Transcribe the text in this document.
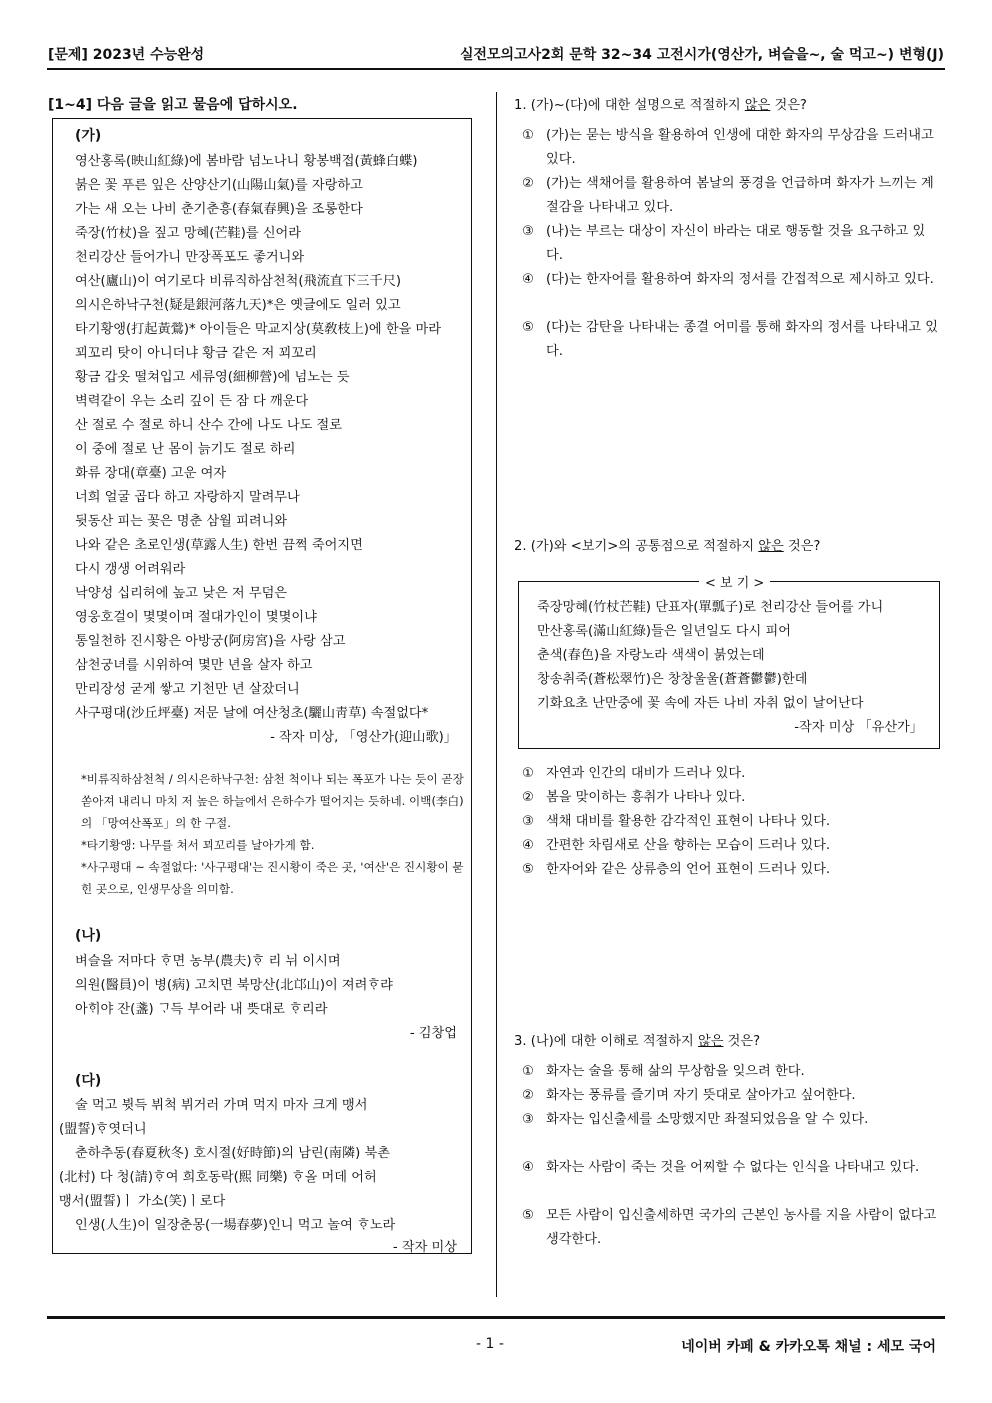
[문제] 2023년 수능완성	실전모의고사2회 문학 32~34 고전시가(영산가, 벼슬을~, 술 먹고~) 변형(J)
[1~4] 다음 글을 읽고 물음에 답하시오.
(가)
영산홍록(映山紅綠)에 봄바람 넘노나니 황봉백접(黃蜂白蝶)
붉은 꽃 푸른 잎은 산양산기(山陽山氣)를 자랑하고
가는 새 오는 나비 춘기춘흥(春氣春興)을 조롱한다
죽장(竹杖)을 짚고 망혜(芒鞋)를 신어라
천리강산 들어가니 만장폭포도 좋거니와
여산(廬山)이 여기로다 비류직하삼천척(飛流直下三千尺)
의시은하낙구천(疑是銀河落九天)*은 옛글에도 일러 있고
타기황앵(打起黃鶯)* 아이들은 막교지상(莫敎枝上)에 한을 마라
꾀꼬리 탓이 아니더냐 황금 같은 저 꾀꼬리
황금 갑옷 떨쳐입고 세류영(細柳營)에 넘노는 듯
벽력같이 우는 소리 깊이 든 잠 다 깨운다
산 절로 수 절로 하니 산수 간에 나도 나도 절로
이 중에 절로 난 몸이 늙기도 절로 하리
화류 장대(章臺) 고운 여자
너희 얼굴 곱다 하고 자랑하지 말려무나
뒷동산 피는 꽃은 명춘 삼월 피려니와
나와 같은 초로인생(草露人生) 한번 끔쩍 죽어지면
다시 갱생 어려워라
낙양성 십리허에 높고 낮은 저 무덤은
영웅호걸이 몇몇이며 절대가인이 몇몇이냐
통일천하 진시황은 아방궁(阿房宮)을 사랑 삼고
삼천궁녀를 시위하여 몇만 년을 살자 하고
만리장성 굳게 쌓고 기천만 년 살잤더니
사구평대(沙丘坪臺) 저문 날에 여산청초(驪山靑草) 속절없다*
- 작자 미상, 「영산가(迎山歌)」
*비류직하삼천척 / 의시은하낙구천: 삼천 척이나 되는 폭포가 나는 듯이 곧장 쏟아져 내리니 마치 저 높은 하늘에서 은하수가 떨어지는 듯하네. 이백(李白)의 「망여산폭포」의 한 구절.
*타기황앵: 나무를 쳐서 꾀꼬리를 날아가게 함.
*사구평대 ~ 속절없다: '사구평대'는 진시황이 죽은 곳, '여산'은 진시황이 묻힌 곳으로, 인생무상을 의미함.
(나)
벼슬을 저마다 ᄒᆞ면 농부(農夫)ᄒᆞ 리 뉘 이시며
의원(醫員)이 병(病) 고치면 북망산(北邙山)이 져려ᄒᆞ랴
아ᄒᆡ야 잔(盞) ᄀᆞ득 부어라 내 ᄠᅳᆺ대로 ᄒᆞ리라
- 김창업
(다)
술 먹고 뷧득 뷔척 뷔거러 가며 먹지 마자 크게 맹서
(盟誓)ᄒᆞ엿더니
춘하추동(春夏秋冬) 호시절(好時節)의 남린(南隣) 북촌
(北村) 다 청(請)ᄒᆞ여 희호동락(熙 同樂) ᄒᆞ올 머데 어허
맹서(盟誓)ㅣ 가소(笑)ㅣ로다
인생(人生)이 일장춘몽(一場春夢)인니 먹고 놀여 ᄒᆞ노라
- 작자 미상
1. (가)~(다)에 대한 설명으로 적절하지 않은 것은?
① (가)는 묻는 방식을 활용하여 인생에 대한 화자의 무상감을 드러내고 있다.
② (가)는 색채어를 활용하여 봄날의 풍경을 언급하며 화자가 느끼는 계절감을 나타내고 있다.
③ (나)는 부르는 대상이 자신이 바라는 대로 행동할 것을 요구하고 있다.
④ (다)는 한자어를 활용하여 화자의 정서를 간접적으로 제시하고 있다.
⑤ (다)는 감탄을 나타내는 종결 어미를 통해 화자의 정서를 나타내고 있다.
2. (가)와 <보기>의 공통점으로 적절하지 않은 것은?
< 보 기 >
죽장망혜(竹杖芒鞋) 단표자(單瓢子)로 천리강산 들어를 가니
만산홍록(滿山紅綠)들은 일년일도 다시 피어
춘색(春色)을 자랑노라 색색이 붉었는데
창송취죽(蒼松翠竹)은 창창울울(蒼蒼鬱鬱)한데
기화요초 난만중에 꽃 속에 자든 나비 자취 없이 날어난다
-작자 미상 「유산가」
① 자연과 인간의 대비가 드러나 있다.
② 봄을 맞이하는 흥취가 나타나 있다.
③ 색채 대비를 활용한 감각적인 표현이 나타나 있다.
④ 간편한 차림새로 산을 향하는 모습이 드러나 있다.
⑤ 한자어와 같은 상류층의 언어 표현이 드러나 있다.
3. (나)에 대한 이해로 적절하지 않은 것은?
① 화자는 술을 통해 삶의 무상함을 잊으려 한다.
② 화자는 풍류를 즐기며 자기 뜻대로 살아가고 싶어한다.
③ 화자는 입신출세를 소망했지만 좌절되었음을 알 수 있다.
④ 화자는 사람이 죽는 것을 어찌할 수 없다는 인식을 나타내고 있다.
⑤ 모든 사람이 입신출세하면 국가의 근본인 농사를 지을 사람이 없다고 생각한다.
- 1 -	네이버 카페 & 카카오톡 채널 : 세모 국어
